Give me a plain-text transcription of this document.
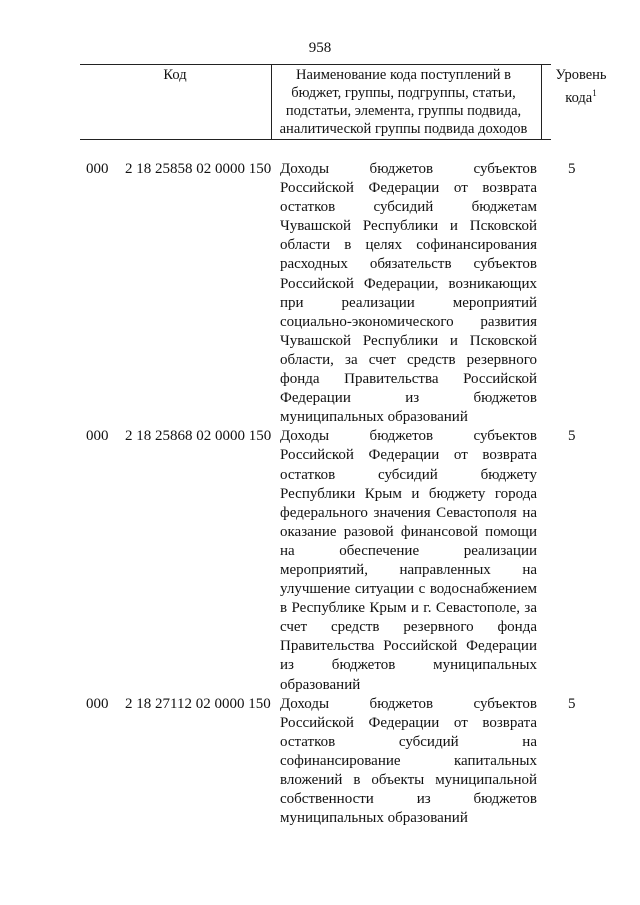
958
Код	Наименование кода поступлений в бюджет, группы, подгруппы, статьи, подстатьи, элемента, группы подвида, аналитической группы подвида доходов
Уровень кода$^1$
000 2 18 25858 02 0000 150 Доходы бюджетов субъектов Российской Федерации от возврата остатков субсидий бюджетам Чувашской Республики и Псковской области в целях софинансирования расходных обязательств субъектов Российской Федерации, возникающих при реализации мероприятий социально-экономического развития Чувашской Республики и Псковской области, за счет средств резервного фонда Правительства Российской Федерации из бюджетов муниципальных образований
5
000 2 18 25868 02 0000 150 Доходы бюджетов субъектов Российской Федерации от возврата остатков субсидий бюджету Республики Крым и бюджету города федерального значения Севастополя на оказание разовой финансовой помощи на обеспечение реализации мероприятий, направленных на улучшение ситуации с водоснабжением в Республике Крым и г. Севастополе, за счет средств резервного фонда Правительства Российской Федерации из бюджетов муниципальных образований
5
000 2 18 27112 02 0000 150 Доходы бюджетов субъектов Российской Федерации от возврата остатков субсидий на софинансирование капитальных вложений в объекты муниципальной собственности из бюджетов муниципальных образований
5
